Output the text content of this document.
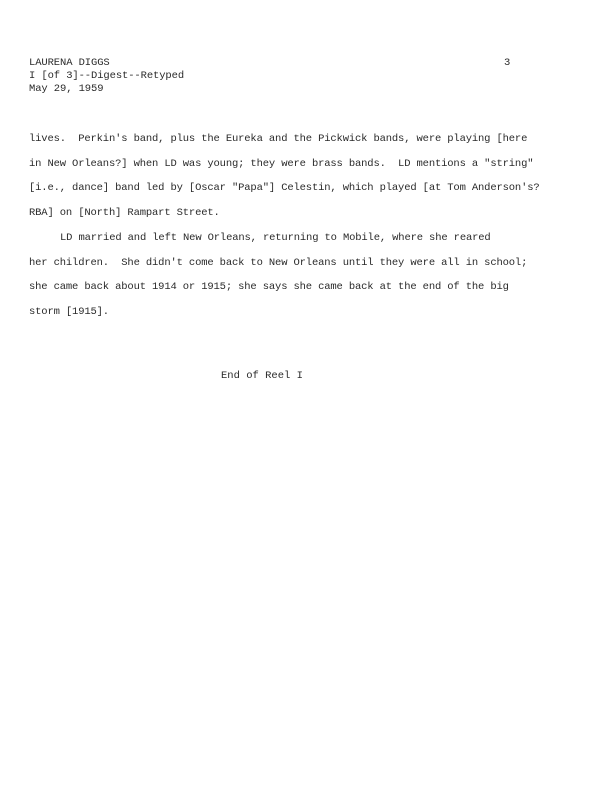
LAURENA DIGGS
I [of 3]--Digest--Retyped
May 29, 1959
3
lives.  Perkin's band, plus the Eureka and the Pickwick bands, were playing [here
in New Orleans?] when LD was young; they were brass bands.  LD mentions a "string"
[i.e., dance] band led by [Oscar "Papa"] Celestin, which played [at Tom Anderson's?
RBA] on [North] Rampart Street.
LD married and left New Orleans, returning to Mobile, where she reared
her children.  She didn't come back to New Orleans until they were all in school;
she came back about 1914 or 1915; she says she came back at the end of the big
storm [1915].
End of Reel I
